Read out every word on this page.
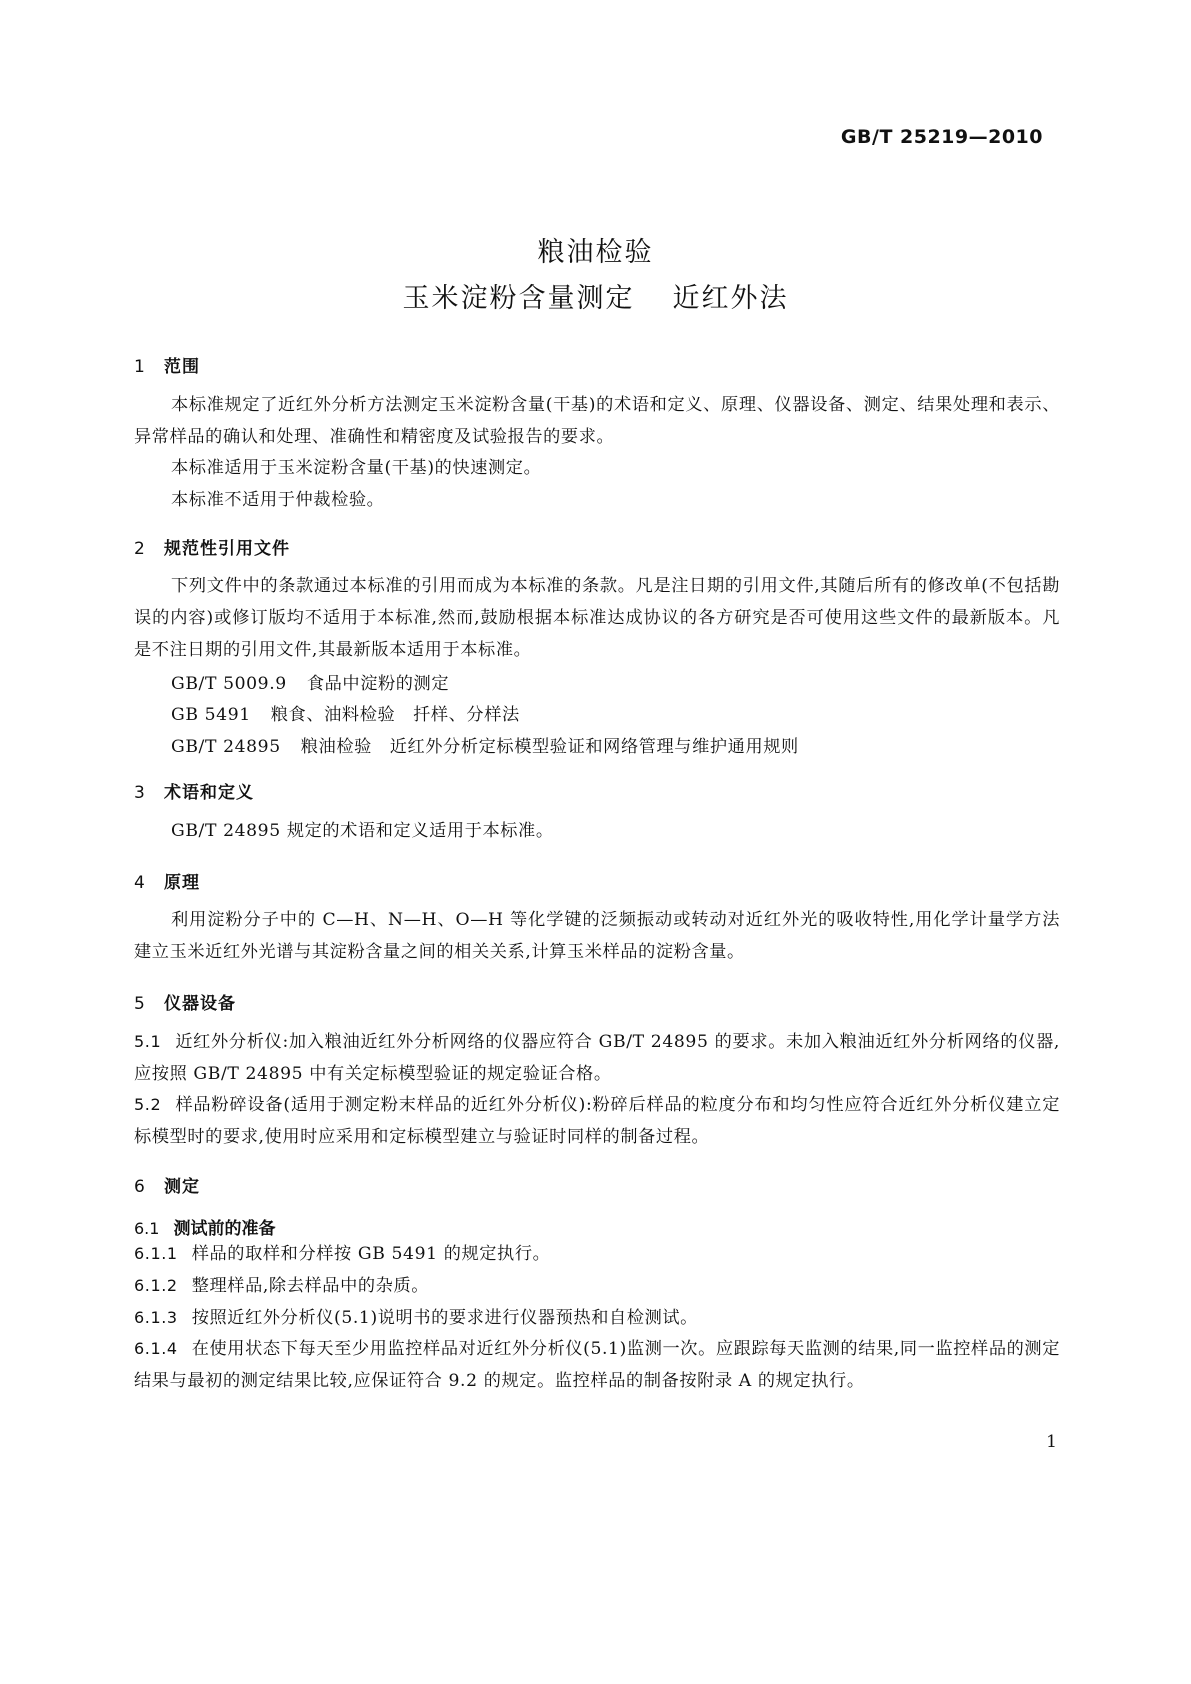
GB/T 25219—2010
粮油检验
玉米淀粉含量测定 近红外法
1 范围
本标准规定了近红外分析方法测定玉米淀粉含量(干基)的术语和定义、原理、仪器设备、测定、结果处理和表示、异常样品的确认和处理、准确性和精密度及试验报告的要求。
本标准适用于玉米淀粉含量(干基)的快速测定。
本标准不适用于仲裁检验。
2 规范性引用文件
下列文件中的条款通过本标准的引用而成为本标准的条款。凡是注日期的引用文件,其随后所有的修改单(不包括勘误的内容)或修订版均不适用于本标准,然而,鼓励根据本标准达成协议的各方研究是否可使用这些文件的最新版本。凡是不注日期的引用文件,其最新版本适用于本标准。
GB/T 5009.9 食品中淀粉的测定
GB 5491 粮食、油料检验　扦样、分样法
GB/T 24895 粮油检验　近红外分析定标模型验证和网络管理与维护通用规则
3 术语和定义
GB/T 24895 规定的术语和定义适用于本标准。
4 原理
利用淀粉分子中的 C—H、N—H、O—H 等化学键的泛频振动或转动对近红外光的吸收特性,用化学计量学方法建立玉米近红外光谱与其淀粉含量之间的相关关系,计算玉米样品的淀粉含量。
5 仪器设备
5.1 近红外分析仪:加入粮油近红外分析网络的仪器应符合 GB/T 24895 的要求。未加入粮油近红外分析网络的仪器,应按照 GB/T 24895 中有关定标模型验证的规定验证合格。
5.2 样品粉碎设备(适用于测定粉末样品的近红外分析仪):粉碎后样品的粒度分布和均匀性应符合近红外分析仪建立定标模型时的要求,使用时应采用和定标模型建立与验证时同样的制备过程。
6 测定
6.1 测试前的准备
6.1.1 样品的取样和分样按 GB 5491 的规定执行。
6.1.2 整理样品,除去样品中的杂质。
6.1.3 按照近红外分析仪(5.1)说明书的要求进行仪器预热和自检测试。
6.1.4 在使用状态下每天至少用监控样品对近红外分析仪(5.1)监测一次。应跟踪每天监测的结果,同一监控样品的测定结果与最初的测定结果比较,应保证符合 9.2 的规定。监控样品的制备按附录 A 的规定执行。
1
